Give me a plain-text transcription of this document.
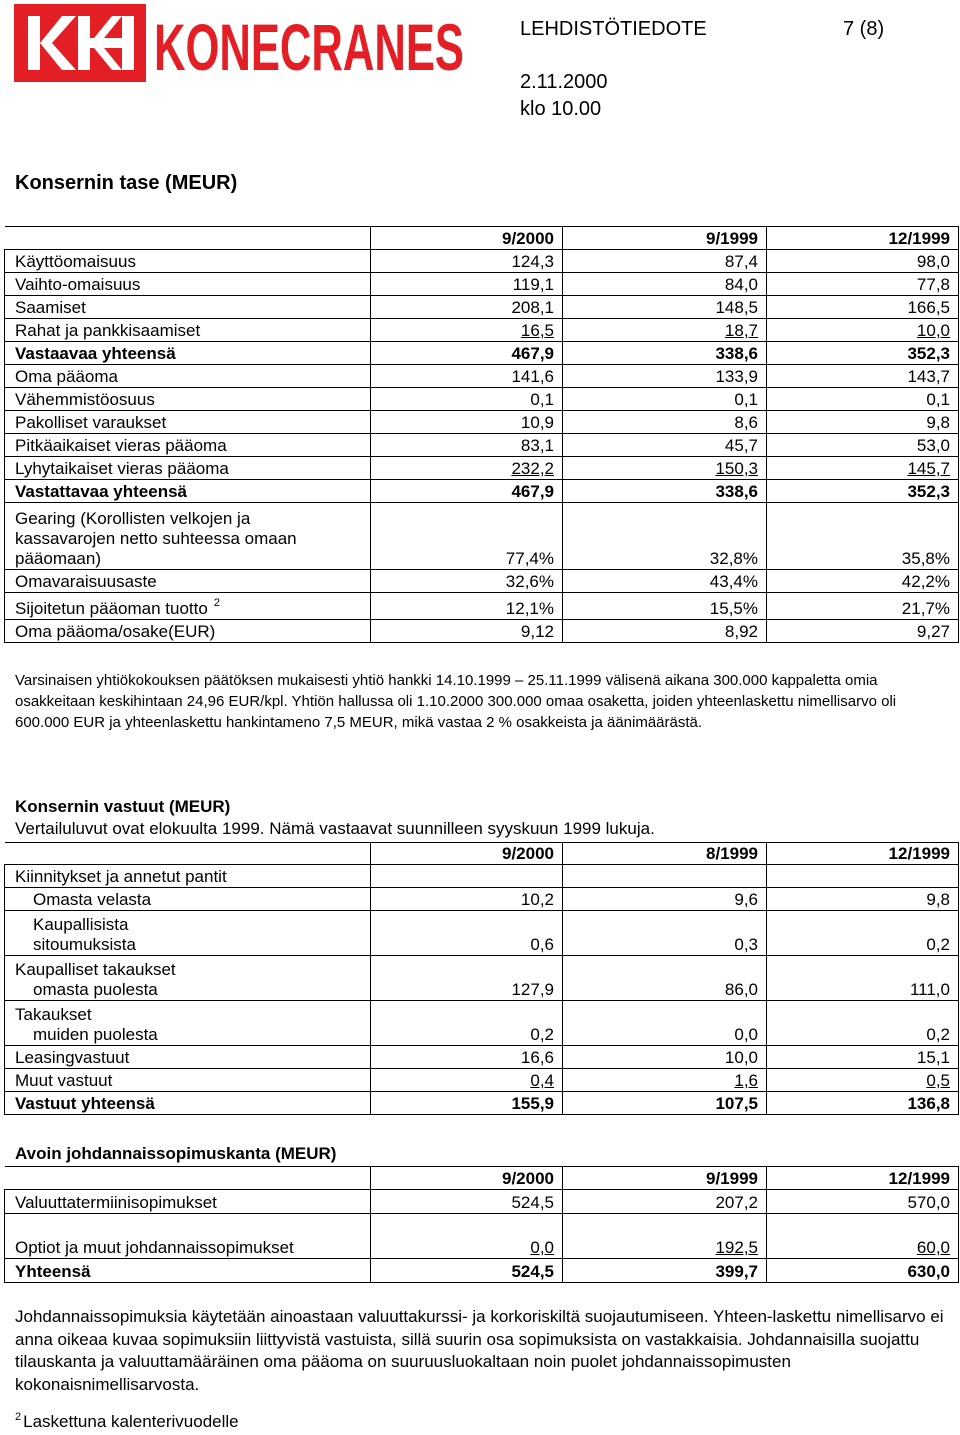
KONECRANES	LEHDISTÖTIEDOTE	7 (8)
2.11.2000
klo 10.00
Konsernin tase (MEUR)
	9/2000	9/1999	12/1999
Käyttöomaisuus	124,3	87,4	98,0
Vaihto-omaisuus	119,1	84,0	77,8
Saamiset	208,1	148,5	166,5
Rahat ja pankkisaamiset	16,5	18,7	10,0
Vastaavaa yhteensä	467,9	338,6	352,3
Oma pääoma	141,6	133,9	143,7
Vähemmistöosuus	0,1	0,1	0,1
Pakolliset varaukset	10,9	8,6	9,8
Pitkäaikaiset vieras pääoma	83,1	45,7	53,0
Lyhytaikaiset vieras pääoma	232,2	150,3	145,7
Vastattavaa yhteensä	467,9	338,6	352,3

Gearing (Korollisten velkojen ja
kassavarojen netto suhteessa omaan
pääomaan)	77,4%	32,8%	35,8%
Omavaraisuusaste	32,6%	43,4%	42,2%
Sijoitetun pääoman tuotto $^2$	12,1%	15,5%	21,7%
Oma pääoma/osake(EUR)	9,12	8,92	9,27
Varsinaisen yhtiökokouksen päätöksen mukaisesti yhtiö hankki 14.10.1999 – 25.11.1999 välisenä aikana 300.000 kappaletta omia osakkeitaan keskihintaan 24,96 EUR/kpl. Yhtiön hallussa oli 1.10.2000 300.000 omaa osaketta, joiden yhteenlaskettu nimellisarvo oli 600.000 EUR ja yhteenlaskettu hankintameno 7,5 MEUR, mikä vastaa 2 % osakkeista ja äänimäärästä.
Konsernin vastuut (MEUR)
Vertailuluvut ovat elokuulta 1999. Nämä vastaavat suunnilleen syyskuun 1999 lukuja.
	9/2000	8/1999	12/1999
Kiinnitykset ja annetut pantit			
Omasta velasta	10,2	9,6	9,8

Kaupallisista
sitoumuksista	0,6	0,3	0,2

Kaupalliset takaukset
omasta puolesta	127,9	86,0	111,0

Takaukset
muiden puolesta	0,2	0,0	0,2
Leasingvastuut	16,6	10,0	15,1
Muut vastuut	0,4	1,6	0,5
Vastuut yhteensä	155,9	107,5	136,8
Avoin johdannaissopimuskanta (MEUR)
	9/2000	9/1999	12/1999
Valuuttatermiinisopimukset	524,5	207,2	570,0
Optiot ja muut johdannaissopimukset	0,0	192,5	60,0
Yhteensä	524,5	399,7	630,0
Johdannaissopimuksia käytetään ainoastaan valuuttakurssi- ja korkoriskiltä suojautumiseen. Yhteen-laskettu nimellisarvo ei anna oikeaa kuvaa sopimuksiin liittyvistä vastuista, sillä suurin osa sopimuksista on vastakkaisia. Johdannaisilla suojattu tilauskanta ja valuuttamääräinen oma pääoma on suuruusluokaltaan noin puolet johdannaissopimusten kokonaisnimellisarvosta.
$^2$ Laskettuna kalenterivuodelle
